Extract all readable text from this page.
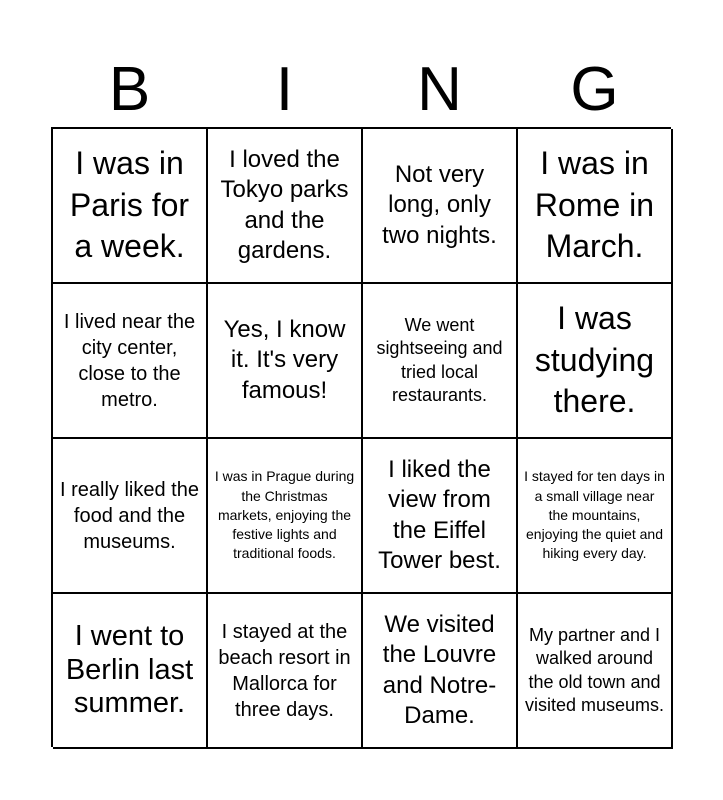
B	I	N	G
I was in Paris for a week.
I loved the Tokyo parks and the gardens.
Not very long, only two nights.
I was in Rome in March.
I lived near the city center, close to the metro.
Yes, I know it. It's very famous!
We went sightseeing and tried local restaurants.
I was studying there.
I really liked the food and the museums.
I was in Prague during the Christmas markets, enjoying the festive lights and traditional foods.
I liked the view from the Eiffel Tower best.
I stayed for ten days in a small village near the mountains, enjoying the quiet and hiking every day.
I went to Berlin last summer.
I stayed at the beach resort in Mallorca for three days.
We visited the Louvre and Notre-Dame.
My partner and I walked around the old town and visited museums.
